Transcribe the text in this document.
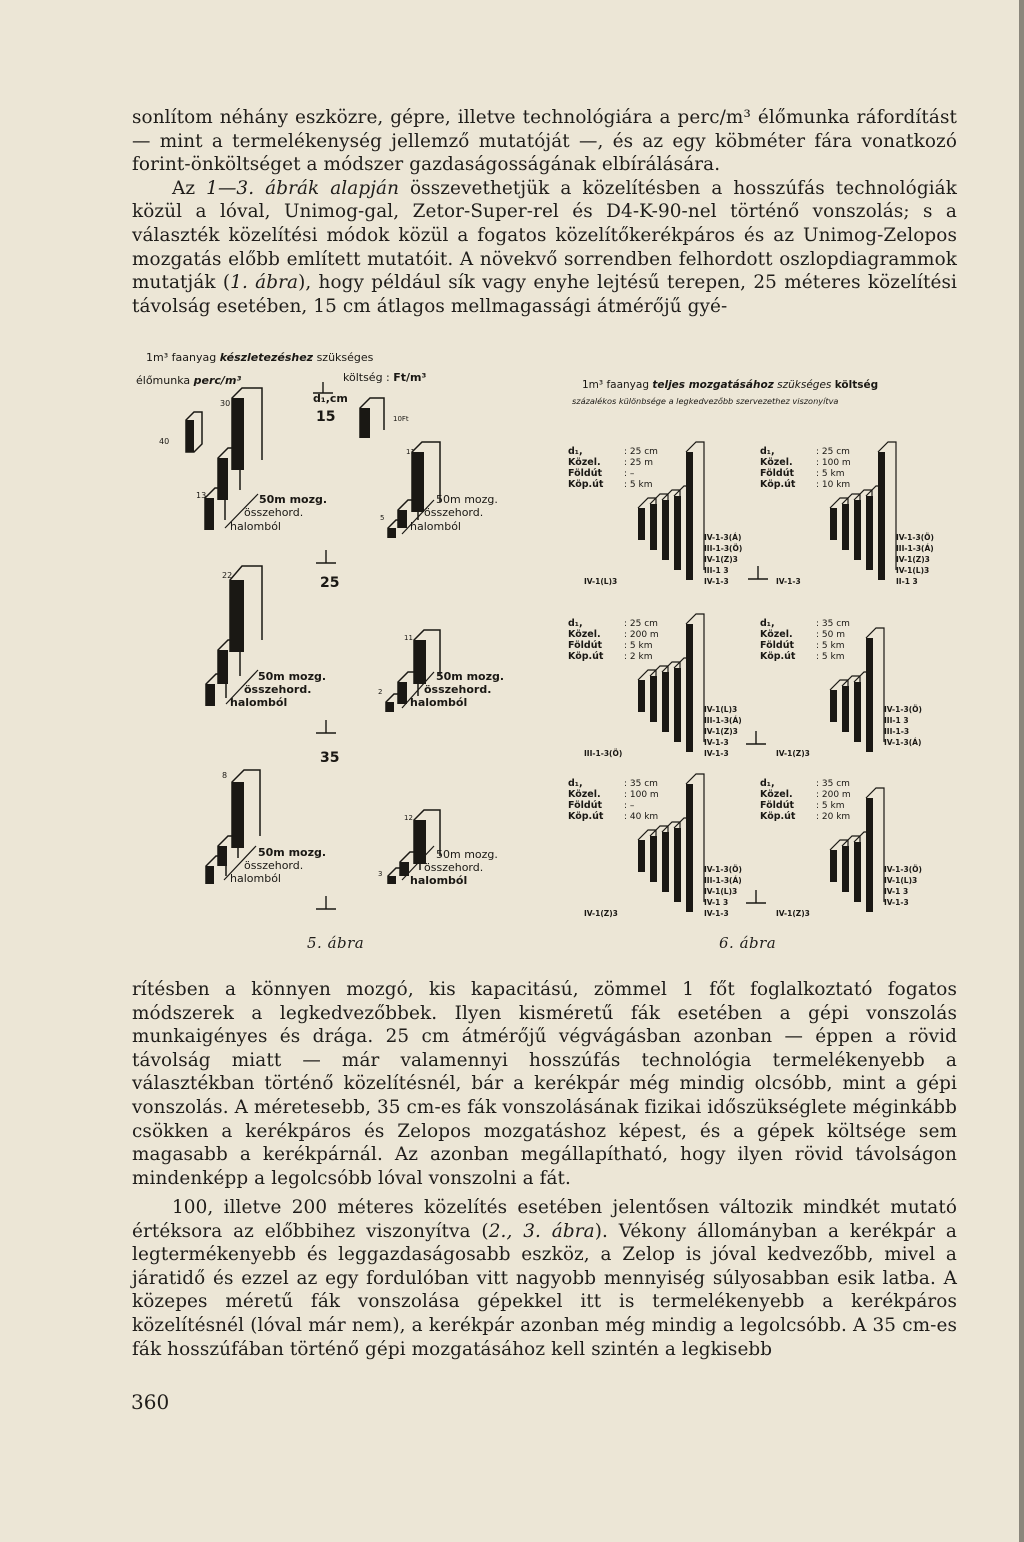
sonlítom néhány eszközre, gépre, illetve technológiára a perc/m³ élőmunka ráfordítást — mint a termelékenység jellemző mutatóját —, és az egy köbméter fára vonatkozó forint-önköltséget a módszer gazdaságosságának elbírálására.
Az 1—3. ábrák alapján összevethetjük a közelítésben a hosszúfás technológiák közül a lóval, Unimog-gal, Zetor-Super-rel és D4-K-90-nel történő vonszolás; s a választék közelítési módok közül a fogatos közelítőkerékpáros és az Unimog-Zelopos mozgatás előbb említett mutatóit. A növekvő sorrendben felhordott oszlopdiagrammok mutatják (1. ábra), hogy például sík vagy enyhe lejtésű terepen, 25 méteres közelítési távolság esetében, 15 cm átlagos mellmagassági átmérőjű gyé-

1m³ faanyag készletezéshez szükséges
élőmunka perc/m³	költség : Ft/m³
d₁,cm
15
25
35
10Ft
50m mozg.
összehord.
halomból
30
40
13	50m mozg.
összehord.
halomból
11
5
50m mozg.
összehord.
halomból
22
50m mozg.
összehord.
halomból
11
2
50m mozg.
összehord.
halomból
8
50m mozg.
összehord.
halomból
12
3
1m³ faanyag teljes mozgatásához szükséges költség
százalékos különbsége a legkedvezőbb szervezethez viszonyítva
d₁,	: 25 cm
Közel.	: 25 m
Földút : –
Köp.út : 5 km
IV-1-3(Á)
III-1-3(Ö)
IV-1(Z)3
III-1 3
IV-1-3
IV-1(L)3
d₁,	: 25 cm
Közel.	: 100 m
Földút : 5 km
Köp.út : 10 km
IV-1-3(Ö)
III-1-3(Á)
IV-1(Z)3
IV-1(L)3
II-1 3
IV-1-3
d₁,	: 25 cm
Közel.	: 200 m
Földút : 5 km
Köp.út : 2 km
IV-1(L)3
III-1-3(Á)
IV-1(Z)3
IV-1-3
IV-1-3
III-1-3(Ö)
d₁,	: 35 cm
Közel.	: 50 m
Földút : 5 km
Köp.út : 5 km
IV-1-3(Ö)
III-1 3
III-1-3
IV-1-3(Á)
IV-1(Z)3
d₁,	: 35 cm
Közel.	: 100 m
Földút : –
Köp.út : 40 km
IV-1-3(Ö)
III-1-3(Á)
IV-1(L)3
IV-1 3
IV-1-3
IV-1(Z)3
d₁,	: 35 cm
Közel.	: 200 m
Földút : 5 km
Köp.út : 20 km
IV-1-3(Ö)
IV-1(L)3
IV-1 3
IV-1-3
IV-1(Z)3
5. ábra	6. ábra

rítésben a könnyen mozgó, kis kapacitású, zömmel 1 főt foglalkoztató fogatos módszerek a legkedvezőbbek. Ilyen kisméretű fák esetében a gépi vonszolás munkaigényes és drága. 25 cm átmérőjű végvágásban azonban — éppen a rövid távolság miatt — már valamennyi hosszúfás technológia termelékenyebb a választékban történő közelítésnél, bár a kerékpár még mindig olcsóbb, mint a gépi vonszolás. A méretesebb, 35 cm-es fák vonszolásának fizikai időszükséglete méginkább csökken a kerékpáros és Zelopos mozgatáshoz képest, és a gépek költsége sem magasabb a kerékpárnál. Az azonban megállapítható, hogy ilyen rövid távolságon mindenképp a legolcsóbb lóval vonszolni a fát.

100, illetve 200 méteres közelítés esetében jelentősen változik mindkét mutató értéksora az előbbihez viszonyítva (2., 3. ábra). Vékony állományban a kerékpár a legtermékenyebb és leggazdaságosabb eszköz, a Zelop is jóval kedvezőbb, mivel a járatidő és ezzel az egy fordulóban vitt nagyobb mennyiség súlyosabban esik latba. A közepes méretű fák vonszolása gépekkel itt is termelékenyebb a kerékpáros közelítésnél (lóval már nem), a kerékpár azonban még mindig a legolcsóbb. A 35 cm-es fák hosszúfában történő gépi mozgatásához kell szintén a legkisebb

360
